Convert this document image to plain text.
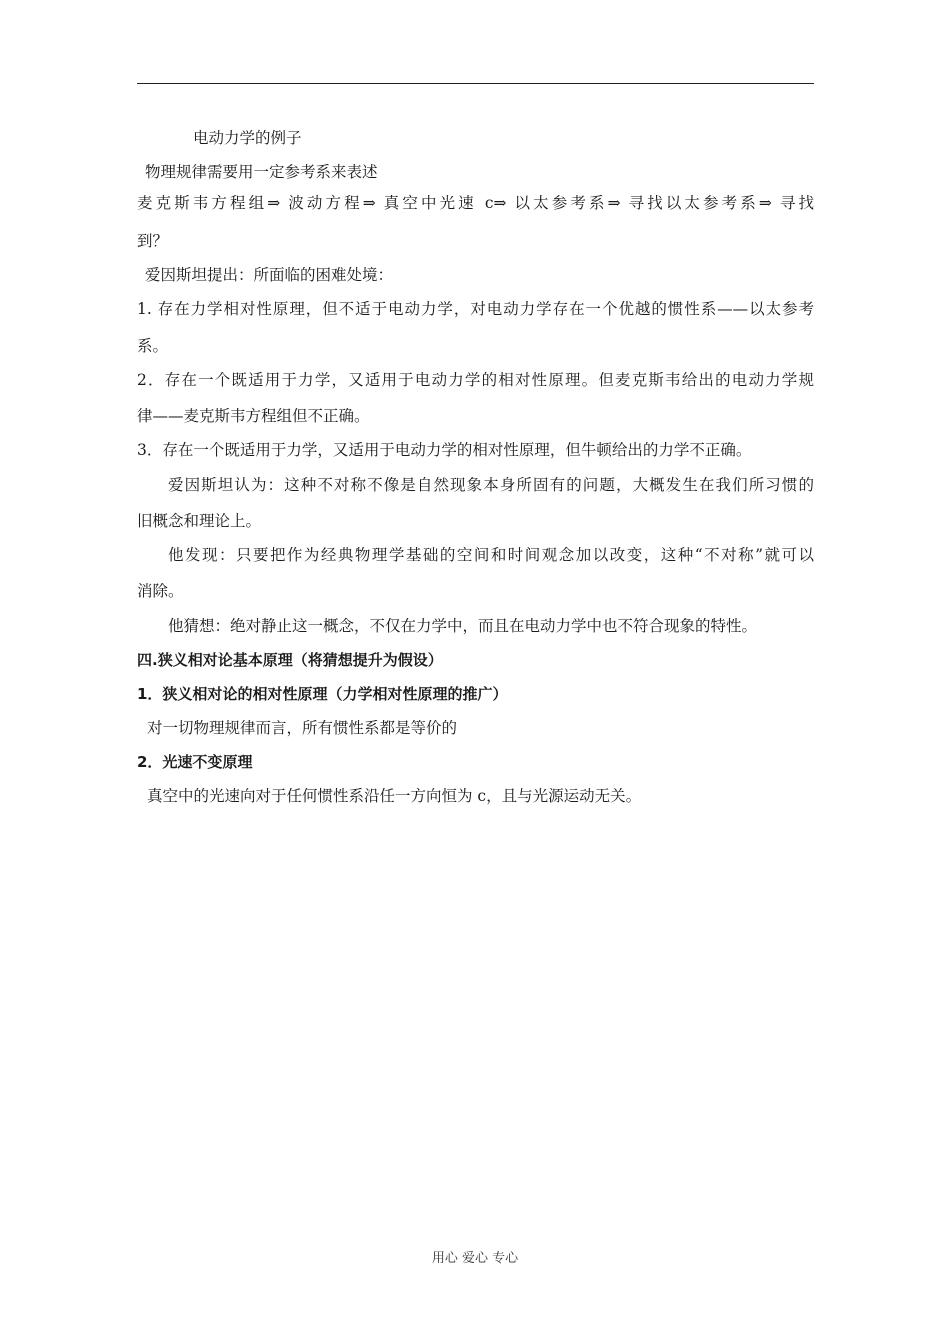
电动力学的例子
物理规律需要用一定参考系来表述
麦克斯韦方程组⇒ 波动方程⇒ 真空中光速 c⇒ 以太参考系⇒ 寻找以太参考系⇒ 寻找
到？
爱因斯坦提出：所面临的困难处境：
1. 存在力学相对性原理，但不适于电动力学，对电动力学存在一个优越的惯性系——以太参考
系。
2．存在一个既适用于力学，又适用于电动力学的相对性原理。但麦克斯韦给出的电动力学规
律——麦克斯韦方程组但不正确。
3．存在一个既适用于力学，又适用于电动力学的相对性原理，但牛顿给出的力学不正确。
爱因斯坦认为：这种不对称不像是自然现象本身所固有的问题，大概发生在我们所习惯的
旧概念和理论上。
他发现：只要把作为经典物理学基础的空间和时间观念加以改变，这种“不对称”就可以
消除。
他猜想：绝对静止这一概念，不仅在力学中，而且在电动力学中也不符合现象的特性。
四.狭义相对论基本原理（将猜想提升为假设）
1．狭义相对论的相对性原理（力学相对性原理的推广）
对一切物理规律而言，所有惯性系都是等价的
2．光速不变原理
真空中的光速向对于任何惯性系沿任一方向恒为 c，且与光源运动无关。
用心 爱心 专心
